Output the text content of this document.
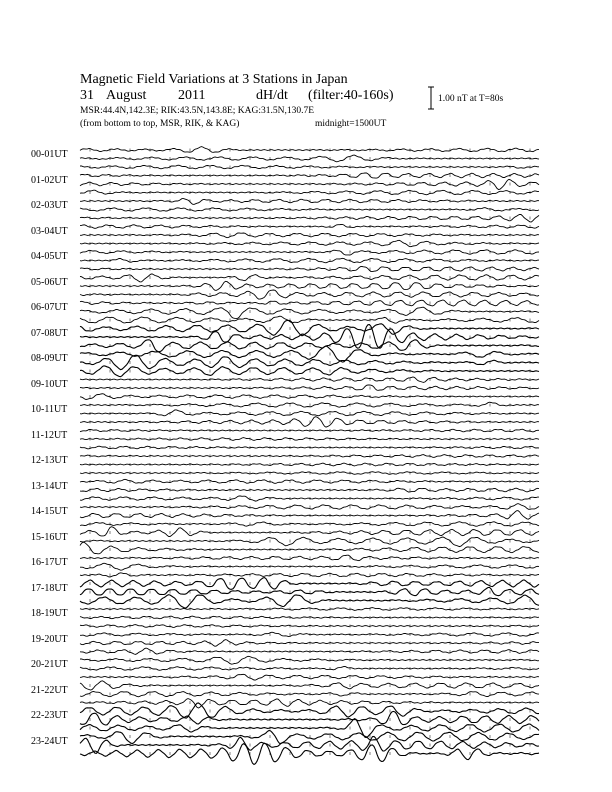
Magnetic Field Variations at 3 Stations in Japan
31 August 2011	dH/dt (filter:40-160s)
MSR:44.4N,142.3E; RIK:43.5N,143.8E; KAG:31.5N,130.7E
(from bottom to top, MSR, RIK, & KAG)	midnight=1500UT
1.00 nT at T=80s
00-01UT
01-02UT
02-03UT
03-04UT
04-05UT
05-06UT
06-07UT
07-08UT
08-09UT
09-10UT
10-11UT
11-12UT
12-13UT
13-14UT
14-15UT
15-16UT
16-17UT
17-18UT
18-19UT
19-20UT
20-21UT
21-22UT
22-23UT
23-24UT
